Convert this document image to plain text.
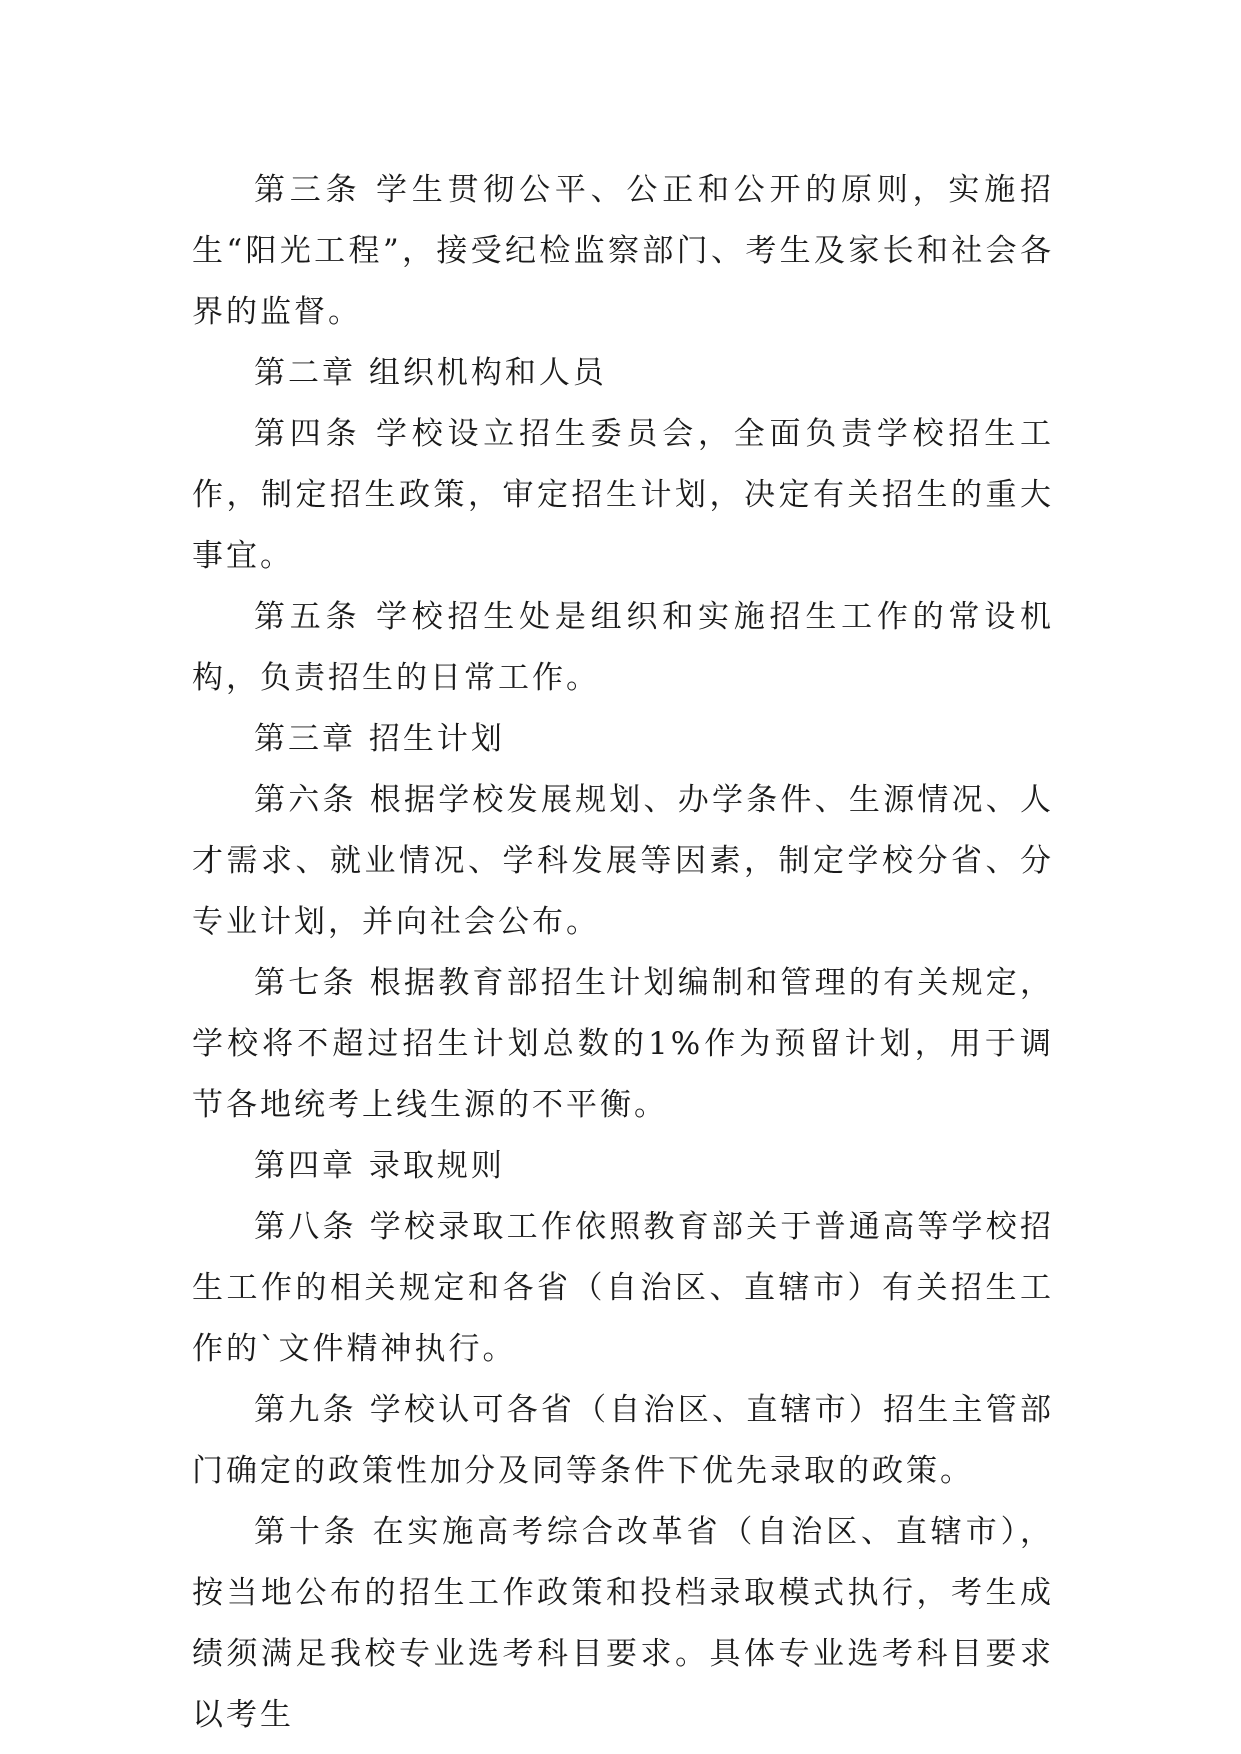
第三条 学生贯彻公平、公正和公开的原则，实施招生“阳光工程”，接受纪检监察部门、考生及家长和社会各界的监督。

第二章 组织机构和人员

第四条 学校设立招生委员会，全面负责学校招生工作，制定招生政策，审定招生计划，决定有关招生的重大事宜。

第五条 学校招生处是组织和实施招生工作的常设机构，负责招生的日常工作。

第三章 招生计划

第六条 根据学校发展规划、办学条件、生源情况、人才需求、就业情况、学科发展等因素，制定学校分省、分专业计划，并向社会公布。

第七条 根据教育部招生计划编制和管理的有关规定，学校将不超过招生计划总数的1%作为预留计划，用于调节各地统考上线生源的不平衡。

第四章 录取规则

第八条 学校录取工作依照教育部关于普通高等学校招生工作的相关规定和各省（自治区、直辖市）有关招生工作的`文件精神执行。

第九条 学校认可各省（自治区、直辖市）招生主管部门确定的政策性加分及同等条件下优先录取的政策。

第十条 在实施高考综合改革省（自治区、直辖市），按当地公布的招生工作政策和投档录取模式执行，考生成绩须满足我校专业选考科目要求。具体专业选考科目要求以考生
